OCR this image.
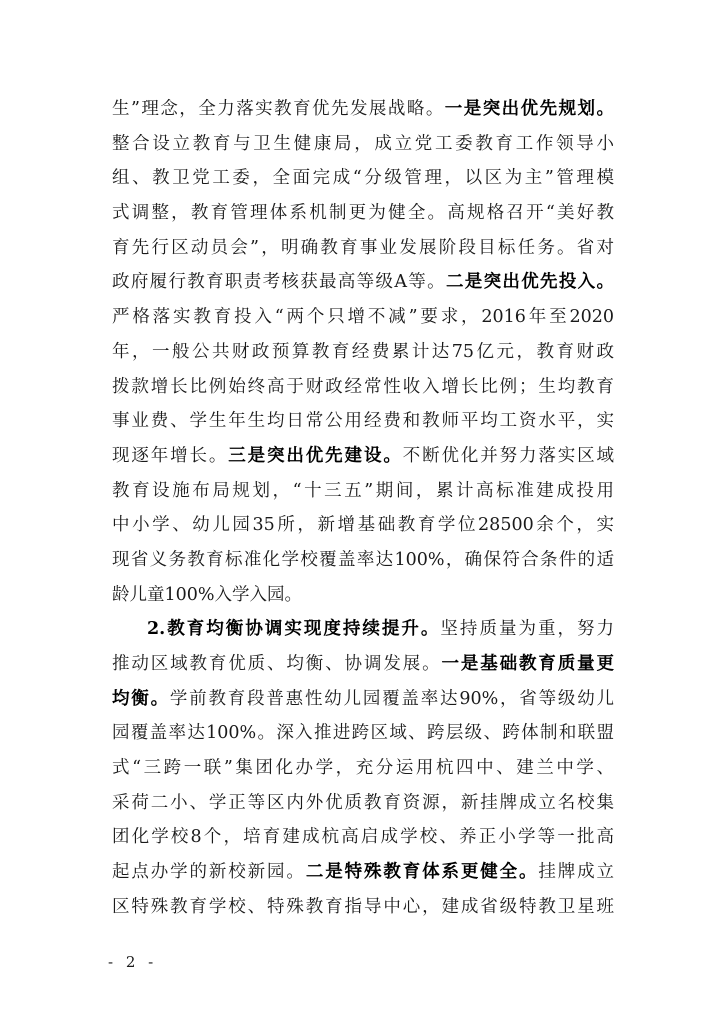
生”理念，全力落实教育优先发展战略。一是突出优先规划。
整合设立教育与卫生健康局，成立党工委教育工作领导小
组、教卫党工委，全面完成“分级管理，以区为主”管理模
式调整，教育管理体系机制更为健全。高规格召开“美好教
育先行区动员会”，明确教育事业发展阶段目标任务。省对
政府履行教育职责考核获最高等级A等。二是突出优先投入。
严格落实教育投入“两个只增不减”要求，2016年至2020
年，一般公共财政预算教育经费累计达75亿元，教育财政
拨款增长比例始终高于财政经常性收入增长比例；生均教育
事业费、学生年生均日常公用经费和教师平均工资水平，实
现逐年增长。三是突出优先建设。不断优化并努力落实区域
教育设施布局规划，“十三五”期间，累计高标准建成投用
中小学、幼儿园35所，新增基础教育学位28500余个，实
现省义务教育标准化学校覆盖率达100%，确保符合条件的适
龄儿童100%入学入园。
2.教育均衡协调实现度持续提升。坚持质量为重，努力
推动区域教育优质、均衡、协调发展。一是基础教育质量更
均衡。学前教育段普惠性幼儿园覆盖率达90%，省等级幼儿
园覆盖率达100%。深入推进跨区域、跨层级、跨体制和联盟
式“三跨一联”集团化办学，充分运用杭四中、建兰中学、
采荷二小、学正等区内外优质教育资源，新挂牌成立名校集
团化学校8个，培育建成杭高启成学校、养正小学等一批高
起点办学的新校新园。二是特殊教育体系更健全。挂牌成立
区特殊教育学校、特殊教育指导中心，建成省级特教卫星班
- 2 -
